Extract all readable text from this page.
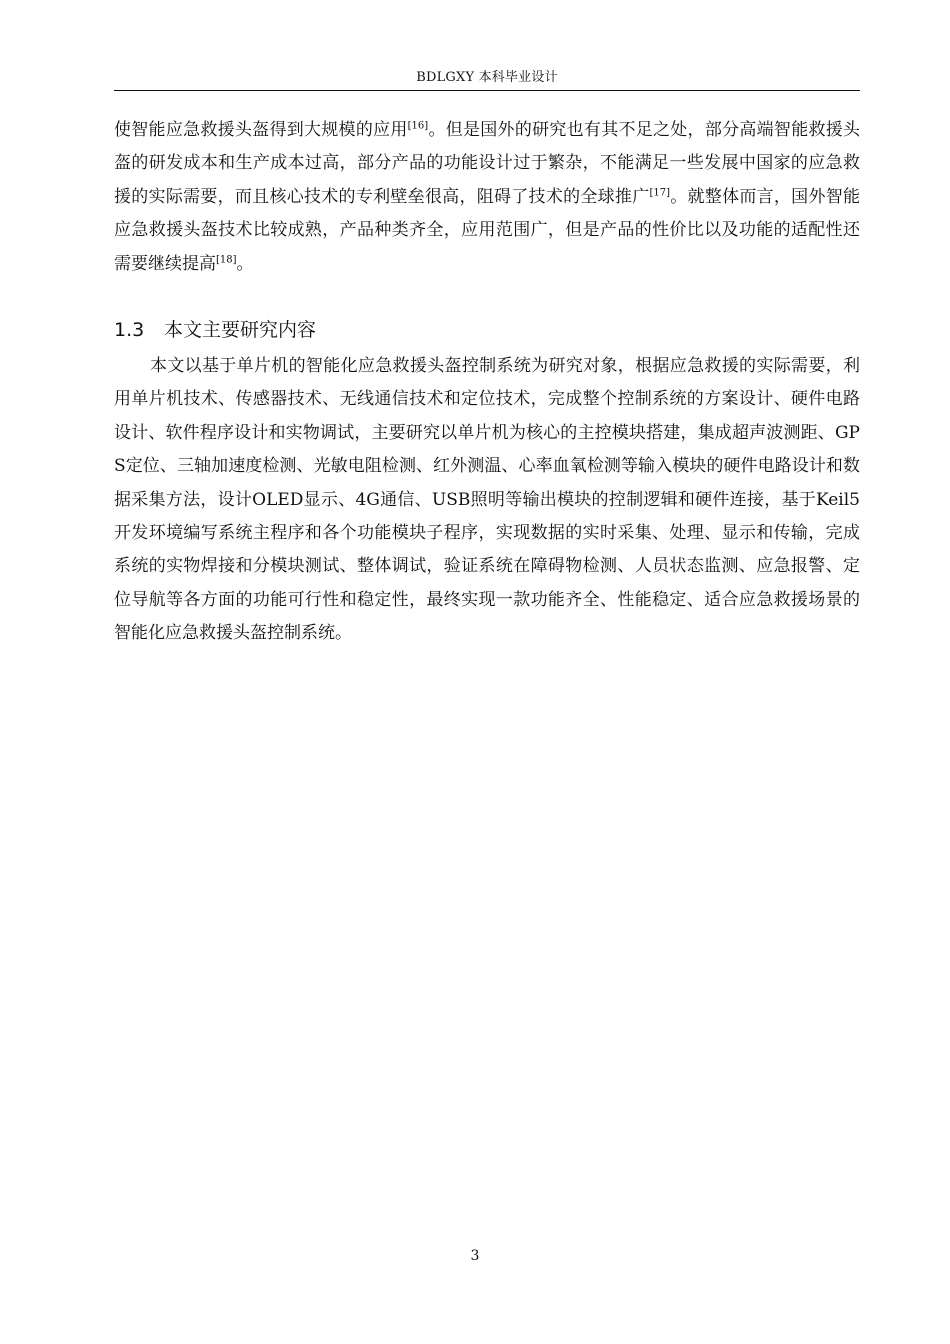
BDLGXY 本科毕业设计

使智能应急救援头盔得到大规模的应用[16]。但是国外的研究也有其不足之处，部分高端智能救援头盔的研发成本和生产成本过高，部分产品的功能设计过于繁杂，不能满足一些发展中国家的应急救援的实际需要，而且核心技术的专利壁垒很高，阻碍了技术的全球推广[17]。就整体而言，国外智能应急救援头盔技术比较成熟，产品种类齐全，应用范围广，但是产品的性价比以及功能的适配性还需要继续提高[18]。

1.3 本文主要研究内容

本文以基于单片机的智能化应急救援头盔控制系统为研究对象，根据应急救援的实际需要，利用单片机技术、传感器技术、无线通信技术和定位技术，完成整个控制系统的方案设计、硬件电路设计、软件程序设计和实物调试，主要研究以单片机为核心的主控模块搭建，集成超声波测距、GPS定位、三轴加速度检测、光敏电阻检测、红外测温、心率血氧检测等输入模块的硬件电路设计和数据采集方法，设计OLED显示、4G通信、USB照明等输出模块的控制逻辑和硬件连接，基于Keil5开发环境编写系统主程序和各个功能模块子程序，实现数据的实时采集、处理、显示和传输，完成系统的实物焊接和分模块测试、整体调试，验证系统在障碍物检测、人员状态监测、应急报警、定位导航等各方面的功能可行性和稳定性，最终实现一款功能齐全、性能稳定、适合应急救援场景的智能化应急救援头盔控制系统。

3
